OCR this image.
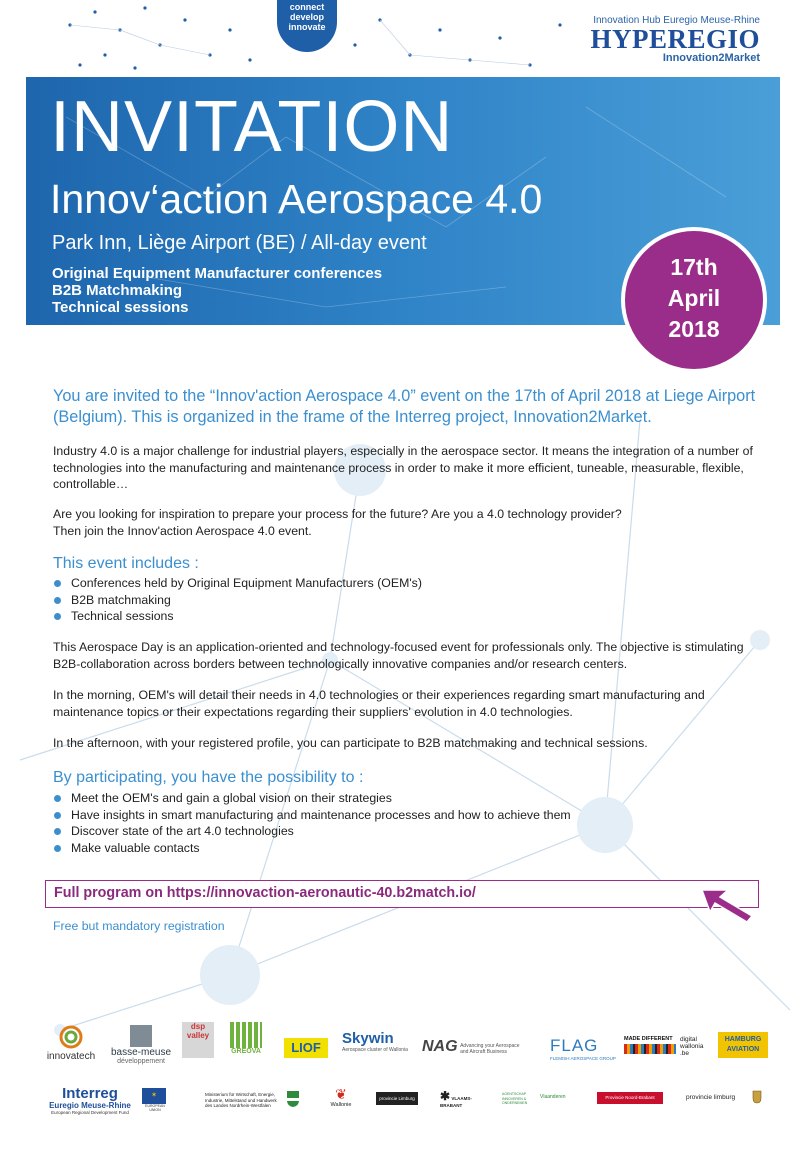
connect
develop
innovate
Innovation Hub Euregio Meuse-Rhine
HYPEREGIO
Innovation2Market
INVITATION
Innov‘action Aerospace 4.0
Park Inn, Liège Airport (BE) / All-day event
Original Equipment Manufacturer conferences
B2B Matchmaking
Technical sessions
17th
April
2018
You are invited to the “Innov'action Aerospace 4.0” event on the 17th of April 2018 at Liege Airport (Belgium). This is organized in the frame of the Interreg project, Innovation2Market.

Industry 4.0 is a major challenge for industrial players, especially in the aerospace sector. It means the integration of a number of technologies into the manufacturing and maintenance process in order to make it more efficient, tuneable, measurable, flexible, controllable…

Are you looking for inspiration to prepare your process for the future? Are you a 4.0 technology provider?
Then join the Innov'action Aerospace 4.0 event.

This event includes :
Conferences held by Original Equipment Manufacturers (OEM's)
B2B matchmaking
Technical sessions

This Aerospace Day is an application-oriented and technology-focused event for professionals only. The objective is stimulating B2B-collaboration across borders between technologically innovative companies and/or research centers.

In the morning, OEM's will detail their needs in 4.0 technologies or their experiences regarding smart manufacturing and maintenance topics or their expectations regarding their suppliers' evolution in 4.0 technologies.

In the afternoon, with your registered profile, you can participate to B2B matchmaking and technical sessions.

By participating, you have the possibility to :
Meet the OEM's and gain a global vision on their strategies
Have insights in smart manufacturing and maintenance processes and how to achieve them
Discover state of the art 4.0 technologies
Make valuable contacts
Full program on https://innovaction-aeronautic-40.b2match.io/
Free but mandatory registration
innovatech	basse-meuse
développement
dsp valley
GREOVA	LIOF
Skywin
Aerospace cluster of Wallonia NAG Advancing your Aerospace and Aircraft Business	FLAG
FLEMISH AEROSPACE GROUP
MADE DIFFERENT	digital
wallonia
.be
HAMBURG AVIATION
Interreg
Euregio Meuse-Rhine
European Regional Development Fund
✶
EUROPEAN UNION
Ministerium für Wirtschaft, Energie, Industrie, Mittelstand und Handwerk des Landes Nordrhein-Westfalen
❦
Wallonie
provincie Limburg ✱ VLAAMS-BRABANT
AGENTSCHAP INNOVEREN & ONDERNEMEN
Vlaanderen	Provincie Noord-Brabant	provincie limburg
